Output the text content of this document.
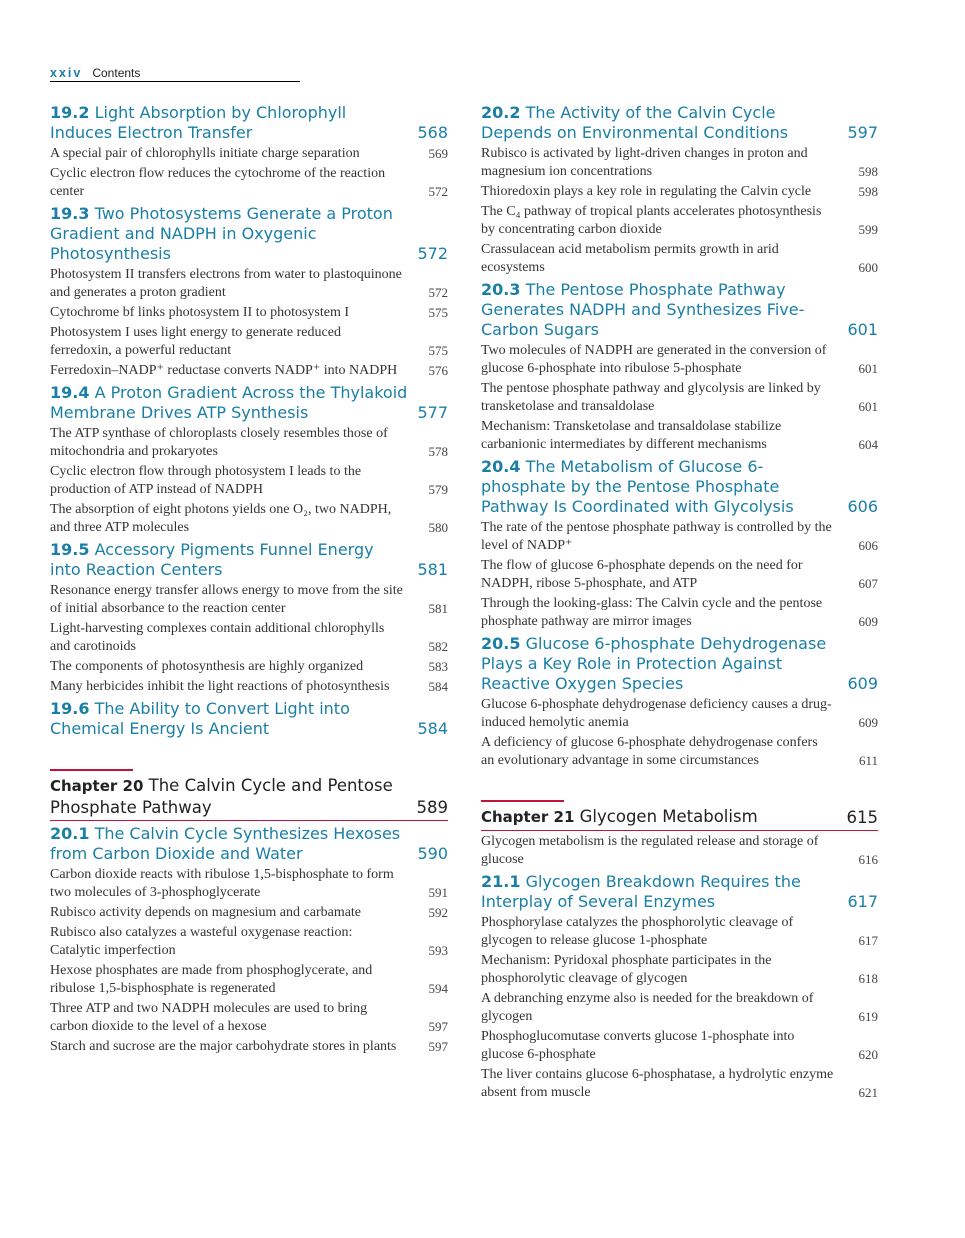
xxiv Contents
19.2 Light Absorption by Chlorophyll Induces Electron Transfer	568
A special pair of chlorophylls initiate charge separation	569
Cyclic electron flow reduces the cytochrome of the reaction center	572
19.3 Two Photosystems Generate a Proton Gradient and NADPH in Oxygenic Photosynthesis	572
Photosystem II transfers electrons from water to plastoquinone and generates a proton gradient	572
Cytochrome bf links photosystem II to photosystem I	575
Photosystem I uses light energy to generate reduced ferredoxin, a powerful reductant	575
Ferredoxin–NADP⁺ reductase converts NADP⁺ into NADPH	576
19.4 A Proton Gradient Across the Thylakoid Membrane Drives ATP Synthesis	577
The ATP synthase of chloroplasts closely resembles those of mitochondria and prokaryotes	578
Cyclic electron flow through photosystem I leads to the production of ATP instead of NADPH	579
The absorption of eight photons yields one O₂, two NADPH, and three ATP molecules	580
19.5 Accessory Pigments Funnel Energy into Reaction Centers	581
Resonance energy transfer allows energy to move from the site of initial absorbance to the reaction center	581
Light-harvesting complexes contain additional chlorophylls and carotinoids	582
The components of photosynthesis are highly organized	583
Many herbicides inhibit the light reactions of photosynthesis	584
19.6 The Ability to Convert Light into Chemical Energy Is Ancient	584
Chapter 20 The Calvin Cycle and Pentose Phosphate Pathway	589
20.1 The Calvin Cycle Synthesizes Hexoses from Carbon Dioxide and Water	590
Carbon dioxide reacts with ribulose 1,5-bisphosphate to form two molecules of 3-phosphoglycerate	591
Rubisco activity depends on magnesium and carbamate	592
Rubisco also catalyzes a wasteful oxygenase reaction: Catalytic imperfection	593
Hexose phosphates are made from phosphoglycerate, and ribulose 1,5-bisphosphate is regenerated	594
Three ATP and two NADPH molecules are used to bring carbon dioxide to the level of a hexose	597
Starch and sucrose are the major carbohydrate stores in plants	597
20.2 The Activity of the Calvin Cycle Depends on Environmental Conditions	597
Rubisco is activated by light-driven changes in proton and magnesium ion concentrations	598
Thioredoxin plays a key role in regulating the Calvin cycle	598
The C₄ pathway of tropical plants accelerates photosynthesis by concentrating carbon dioxide	599
Crassulacean acid metabolism permits growth in arid ecosystems	600
20.3 The Pentose Phosphate Pathway Generates NADPH and Synthesizes Five-Carbon Sugars	601
Two molecules of NADPH are generated in the conversion of glucose 6-phosphate into ribulose 5-phosphate	601
The pentose phosphate pathway and glycolysis are linked by transketolase and transaldolase	601
Mechanism: Transketolase and transaldolase stabilize carbanionic intermediates by different mechanisms	604
20.4 The Metabolism of Glucose 6-phosphate by the Pentose Phosphate Pathway Is Coordinated with Glycolysis	606
The rate of the pentose phosphate pathway is controlled by the level of NADP⁺	606
The flow of glucose 6-phosphate depends on the need for NADPH, ribose 5-phosphate, and ATP	607
Through the looking-glass: The Calvin cycle and the pentose phosphate pathway are mirror images	609
20.5 Glucose 6-phosphate Dehydrogenase Plays a Key Role in Protection Against Reactive Oxygen Species	609
Glucose 6-phosphate dehydrogenase deficiency causes a drug-induced hemolytic anemia	609
A deficiency of glucose 6-phosphate dehydrogenase confers an evolutionary advantage in some circumstances	611
Chapter 21 Glycogen Metabolism	615
Glycogen metabolism is the regulated release and storage of glucose	616
21.1 Glycogen Breakdown Requires the Interplay of Several Enzymes	617
Phosphorylase catalyzes the phosphorolytic cleavage of glycogen to release glucose 1-phosphate	617
Mechanism: Pyridoxal phosphate participates in the phosphorolytic cleavage of glycogen	618
A debranching enzyme also is needed for the breakdown of glycogen	619
Phosphoglucomutase converts glucose 1-phosphate into glucose 6-phosphate	620
The liver contains glucose 6-phosphatase, a hydrolytic enzyme absent from muscle	621
